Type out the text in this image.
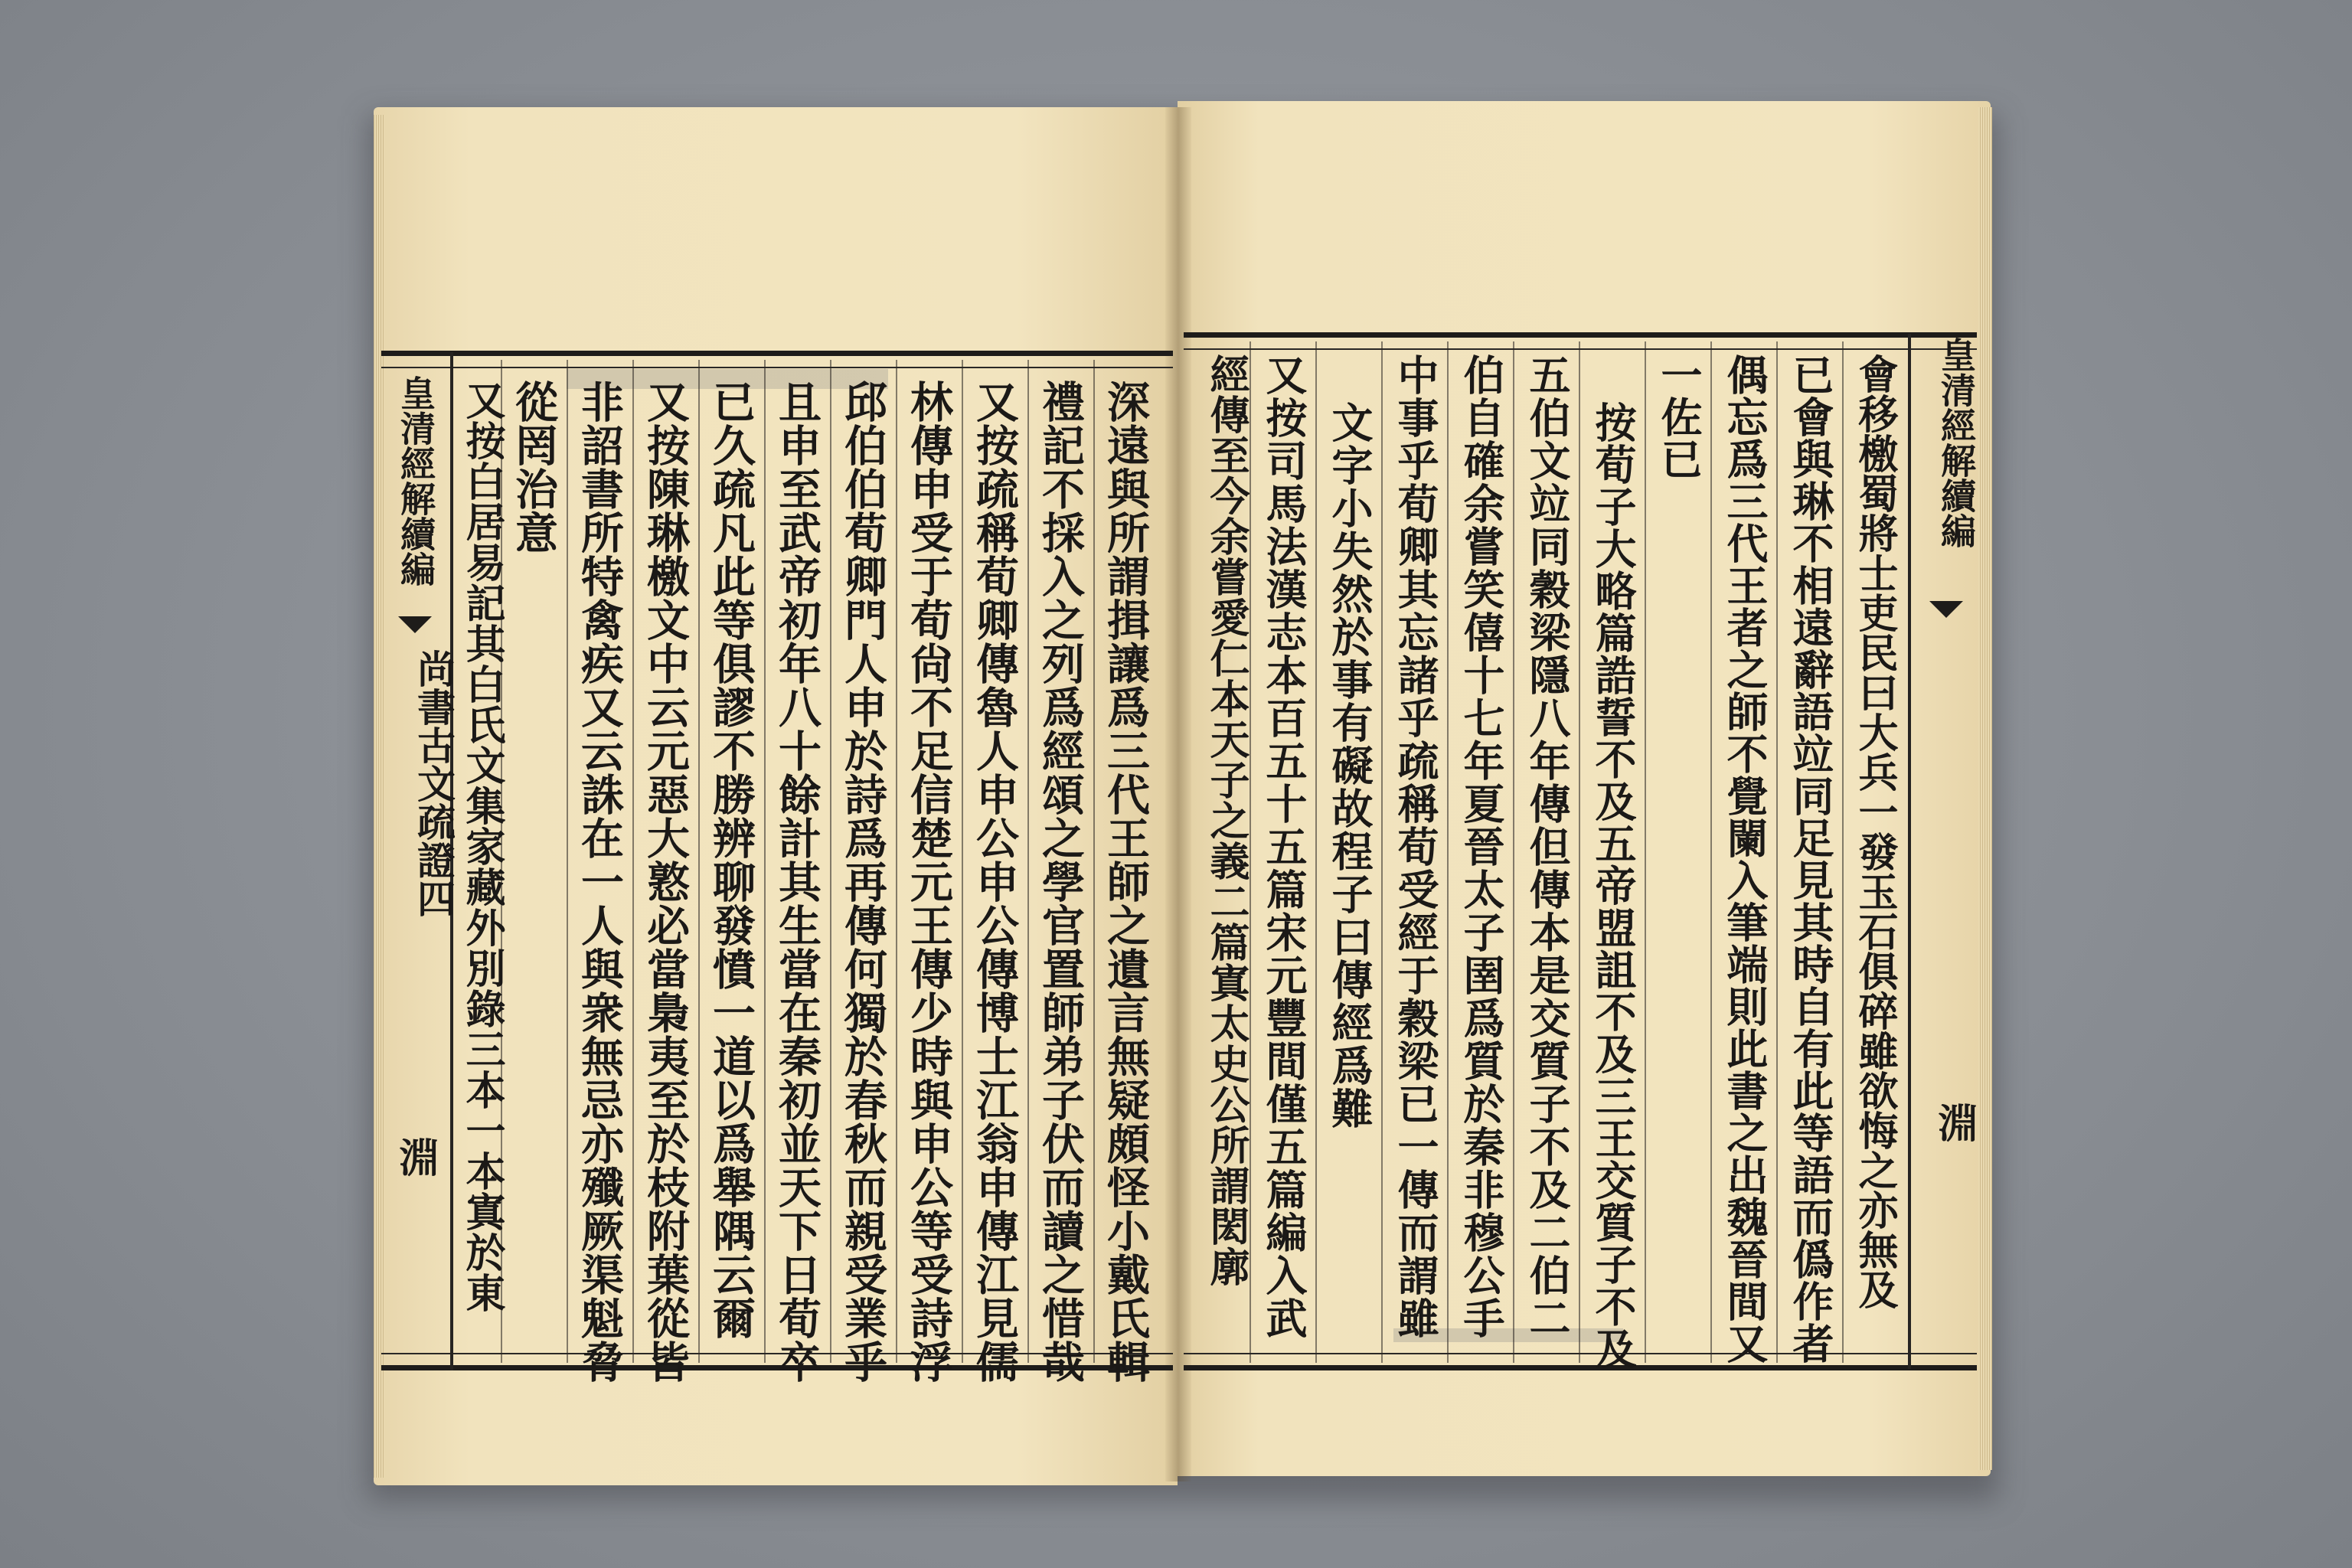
皇清經解續編
尚書古文疏證四
淵
皇清經解續編
淵
深遠與所謂揖讓爲三代王師之遺言無疑頗怪小戴氏輯
禮記不採入之列爲經頌之學官置師弟子伏而讀之惜哉
又按疏稱荀卿傳魯人申公申公傳博士江翁申傳江見儒
林傳申受于荀尙不足信楚元王傳少時與申公等受詩浮
邱伯伯荀卿門人申於詩爲再傳何獨於春秋而親受業乎
且申至武帝初年八十餘計其生當在秦初並天下日荀卒
已久疏凡此等俱謬不勝辨聊發憤一道以爲舉隅云爾
又按陳琳檄文中云元惡大憝必當梟夷至於枝附葉從皆
非詔書所特禽疾又云誅在一人與衆無忌亦殲厥渠魁脅
從罔治意
又按白居易記其白氏文集家藏外別錄三本一本寘於東	會移檄蜀將士吏民曰大兵一發玉石俱碎雖欲悔之亦無及
已會與琳不相遠辭語竝同足見其時自有此等語而僞作者
偶忘爲三代王者之師不覺闌入筆端則此書之出魏晉間又
一佐已
按荀子大略篇誥誓不及五帝盟詛不及三王交質子不及
五伯文竝同穀梁隱八年傳但傳本是交質子不及二伯二
伯自確余嘗笑僖十七年夏晉太子圉爲質於秦非穆公手
中事乎荀卿其忘諸乎疏稱荀受經于穀梁已一傳而謂雖
文字小失然於事有礙故程子曰傳經爲難
又按司馬法漢志本百五十五篇宋元豐間僅五篇編入武
經傳至今余嘗愛仁本天子之義二篇寘太史公所謂閎廓
